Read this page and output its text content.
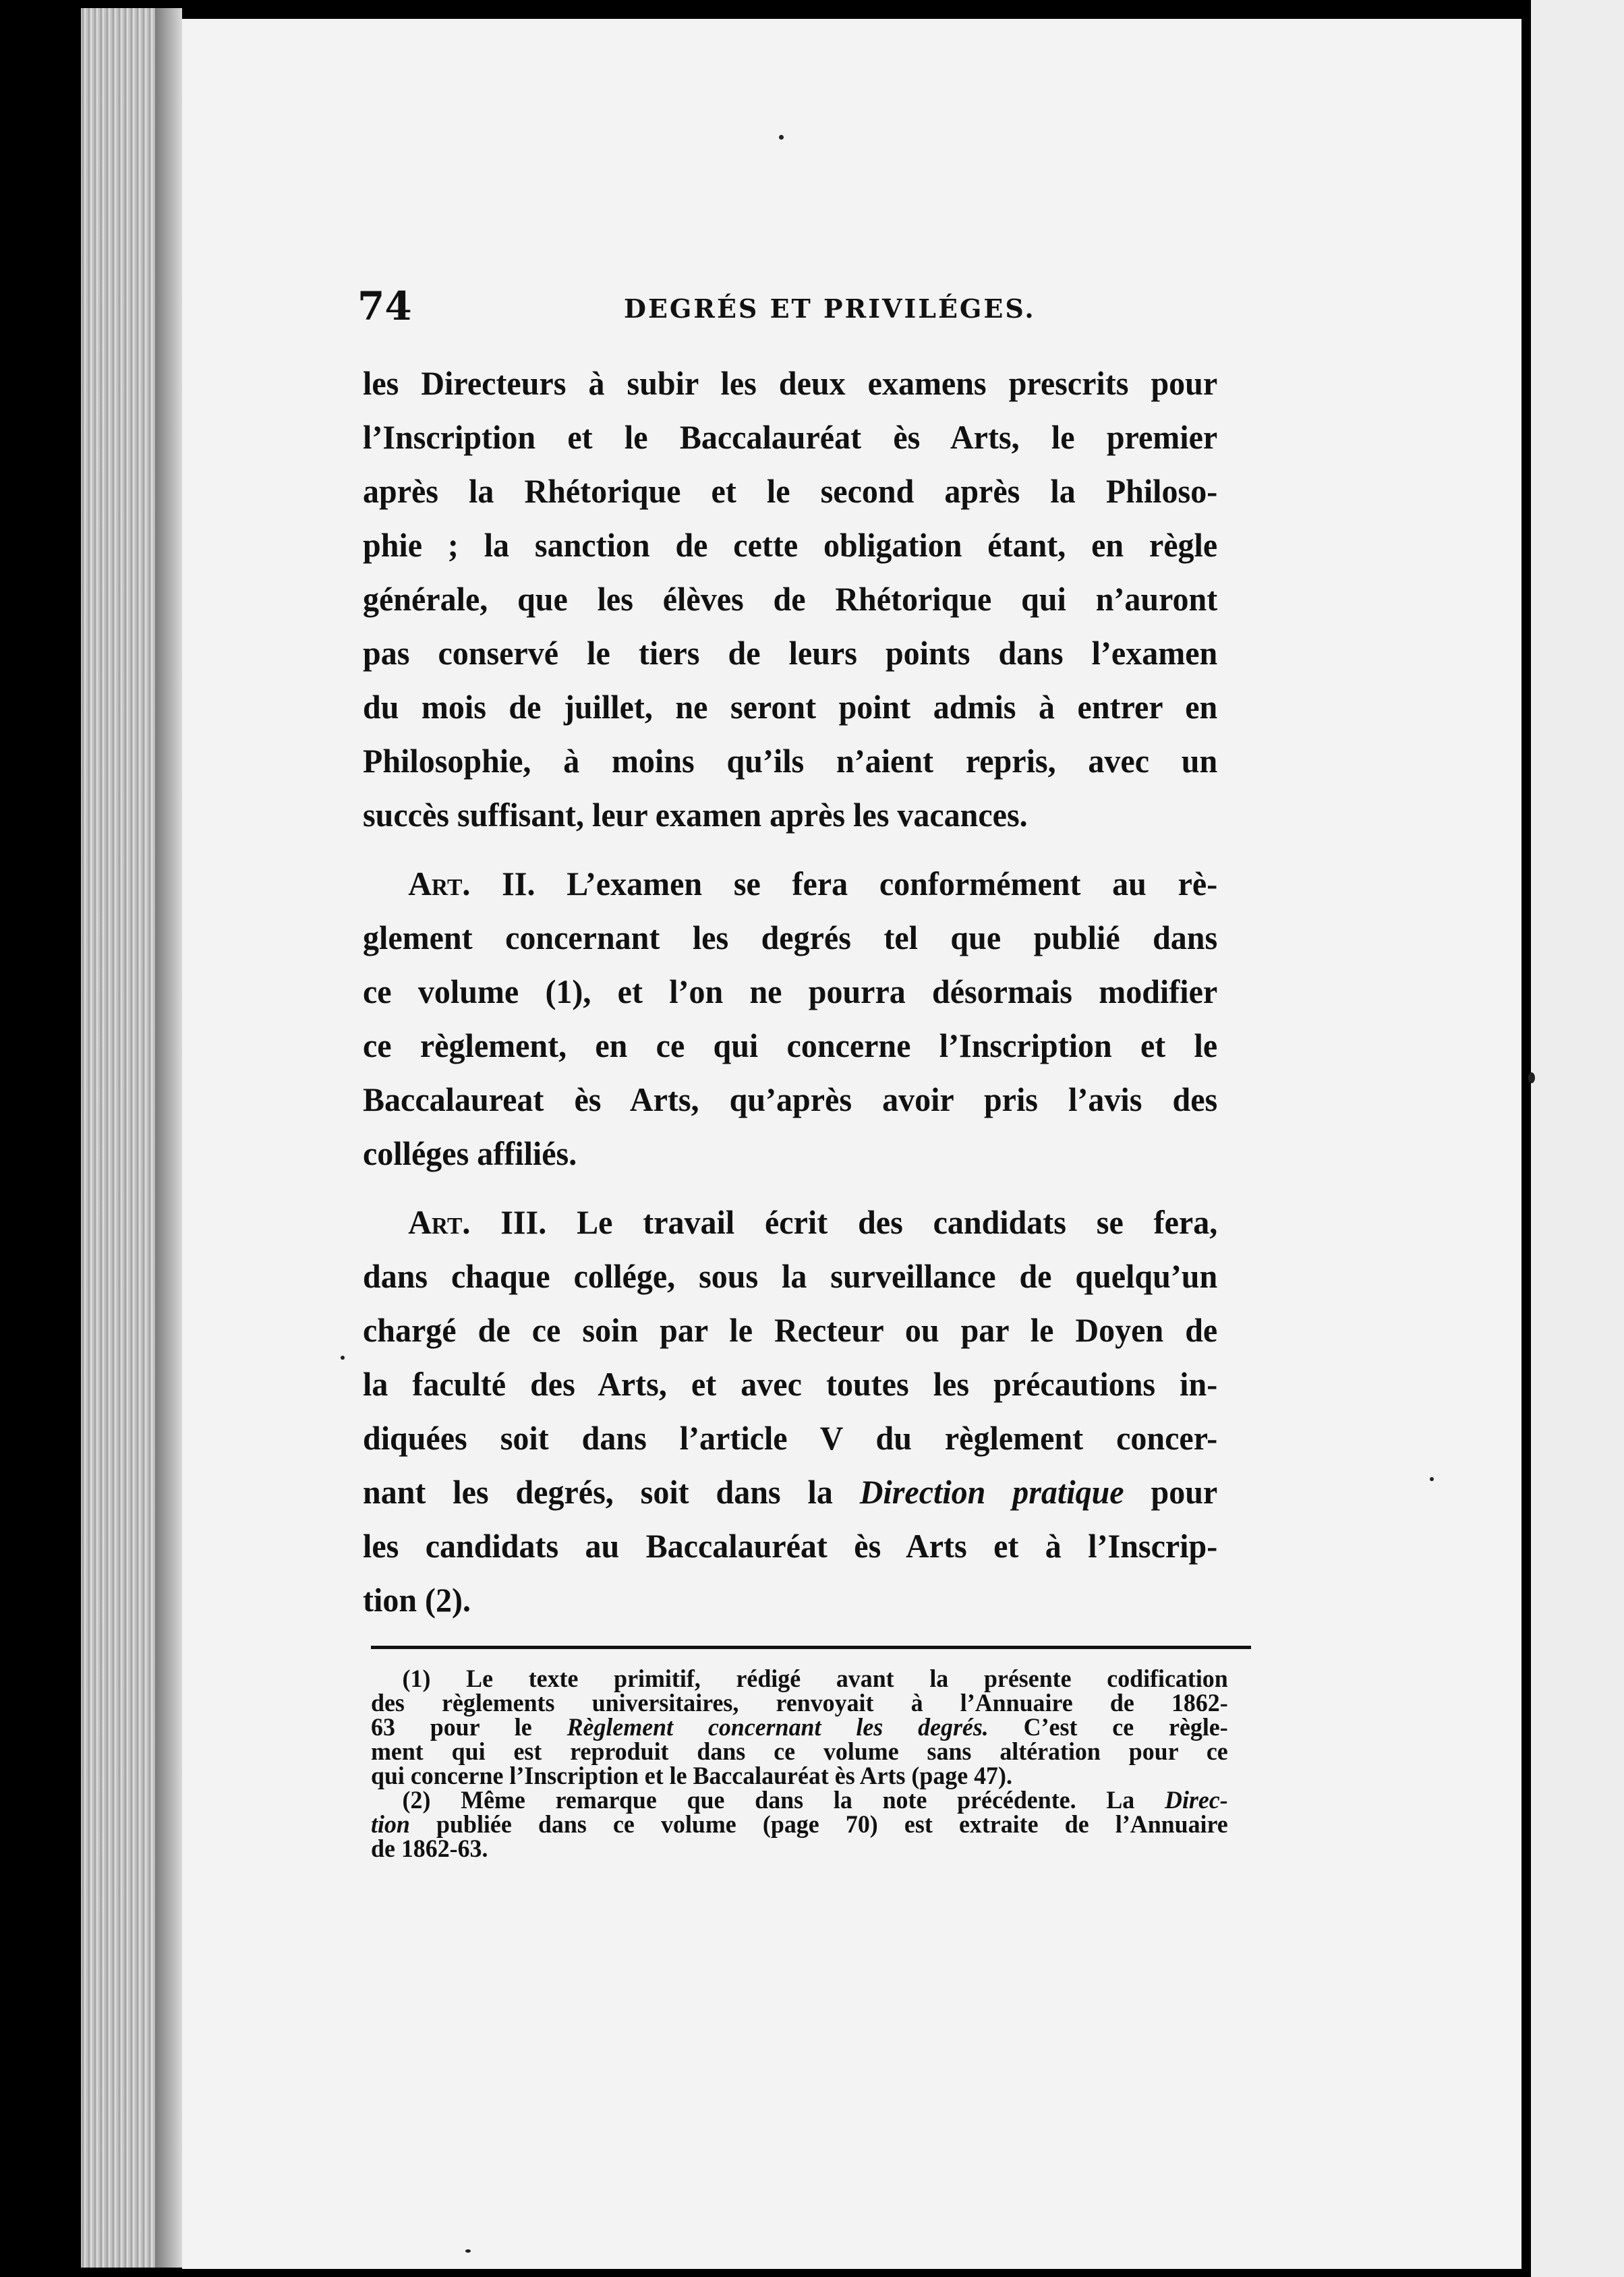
74	DEGRÉS ET PRIVILÉGES.
les Directeurs à subir les deux examens prescrits pour
l’Inscription et le Baccalauréat ès Arts, le premier
après la Rhétorique et le second après la Philoso-
phie ; la sanction de cette obligation étant, en règle
générale, que les élèves de Rhétorique qui n’auront
pas conservé le tiers de leurs points dans l’examen
du mois de juillet, ne seront point admis à entrer en
Philosophie, à moins qu’ils n’aient repris, avec un
succès suffisant, leur examen après les vacances.
Art. II. L’examen se fera conformément au rè-
glement concernant les degrés tel que publié dans
ce volume (1), et l’on ne pourra désormais modifier
ce règlement, en ce qui concerne l’Inscription et le
Baccalaureat ès Arts, qu’après avoir pris l’avis des
colléges affiliés.
Art. III. Le travail écrit des candidats se fera,
dans chaque collége, sous la surveillance de quelqu’un
chargé de ce soin par le Recteur ou par le Doyen de
la faculté des Arts, et avec toutes les précautions in-
diquées soit dans l’article V du règlement concer-
nant les degrés, soit dans la Direction pratique pour
les candidats au Baccalauréat ès Arts et à l’Inscrip-
tion (2).
(1) Le texte primitif, rédigé avant la présente codification
des règlements universitaires, renvoyait à l’Annuaire de 1862-
63 pour le Règlement concernant les degrés. C’est ce règle-
ment qui est reproduit dans ce volume sans altération pour ce
qui concerne l’Inscription et le Baccalauréat ès Arts (page 47).
(2) Même remarque que dans la note précédente. La Direc-
tion publiée dans ce volume (page 70) est extraite de l’Annuaire
de 1862-63.
